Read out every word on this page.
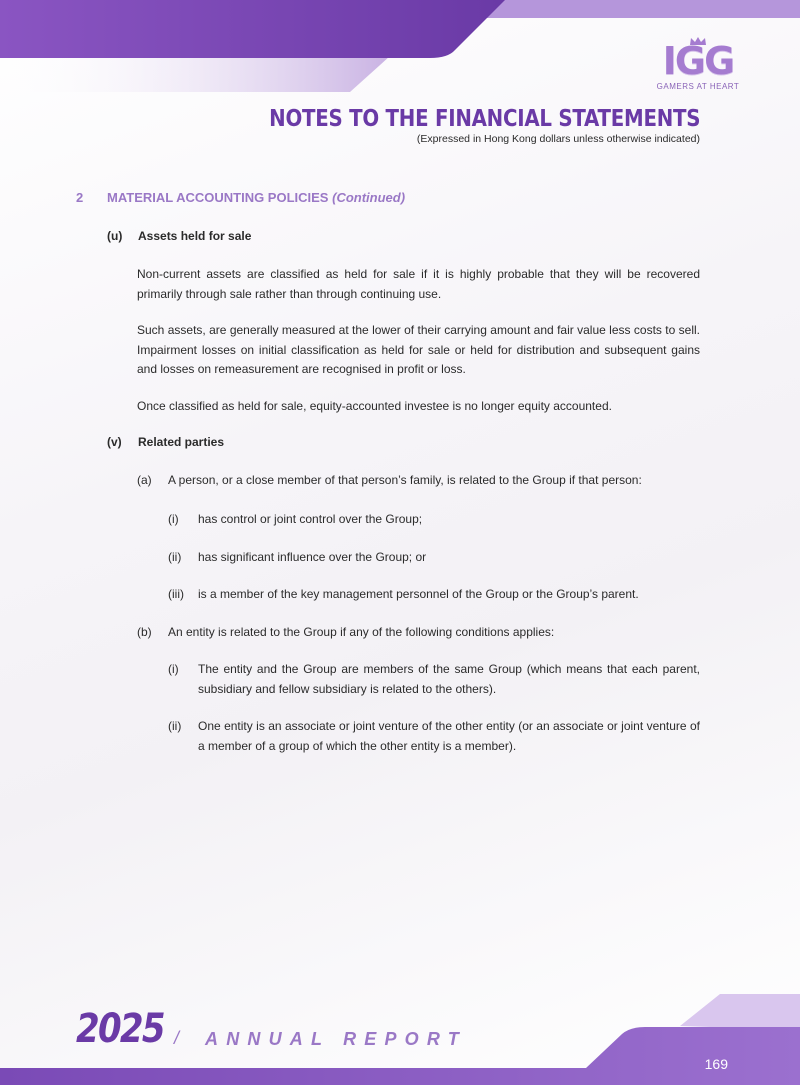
IGG
GAMERS AT HEART
NOTES TO THE FINANCIAL STATEMENTS
(Expressed in Hong Kong dollars unless otherwise indicated)
2 MATERIAL ACCOUNTING POLICIES (Continued)
(u) Assets held for sale
Non-current assets are classified as held for sale if it is highly probable that they will be recovered primarily through sale rather than through continuing use.
Such assets, are generally measured at the lower of their carrying amount and fair value less costs to sell. Impairment losses on initial classification as held for sale or held for distribution and subsequent gains and losses on remeasurement are recognised in profit or loss.
Once classified as held for sale, equity-accounted investee is no longer equity accounted.
(v) Related parties
(a) A person, or a close member of that person’s family, is related to the Group if that person:
(i) has control or joint control over the Group;
(ii) has significant influence over the Group; or
(iii) is a member of the key management personnel of the Group or the Group’s parent.
(b) An entity is related to the Group if any of the following conditions applies:
(i) The entity and the Group are members of the same Group (which means that each parent, subsidiary and fellow subsidiary is related to the others).
(ii) One entity is an associate or joint venture of the other entity (or an associate or joint venture of a member of a group of which the other entity is a member).
2025 / ANNUAL REPORT
169
